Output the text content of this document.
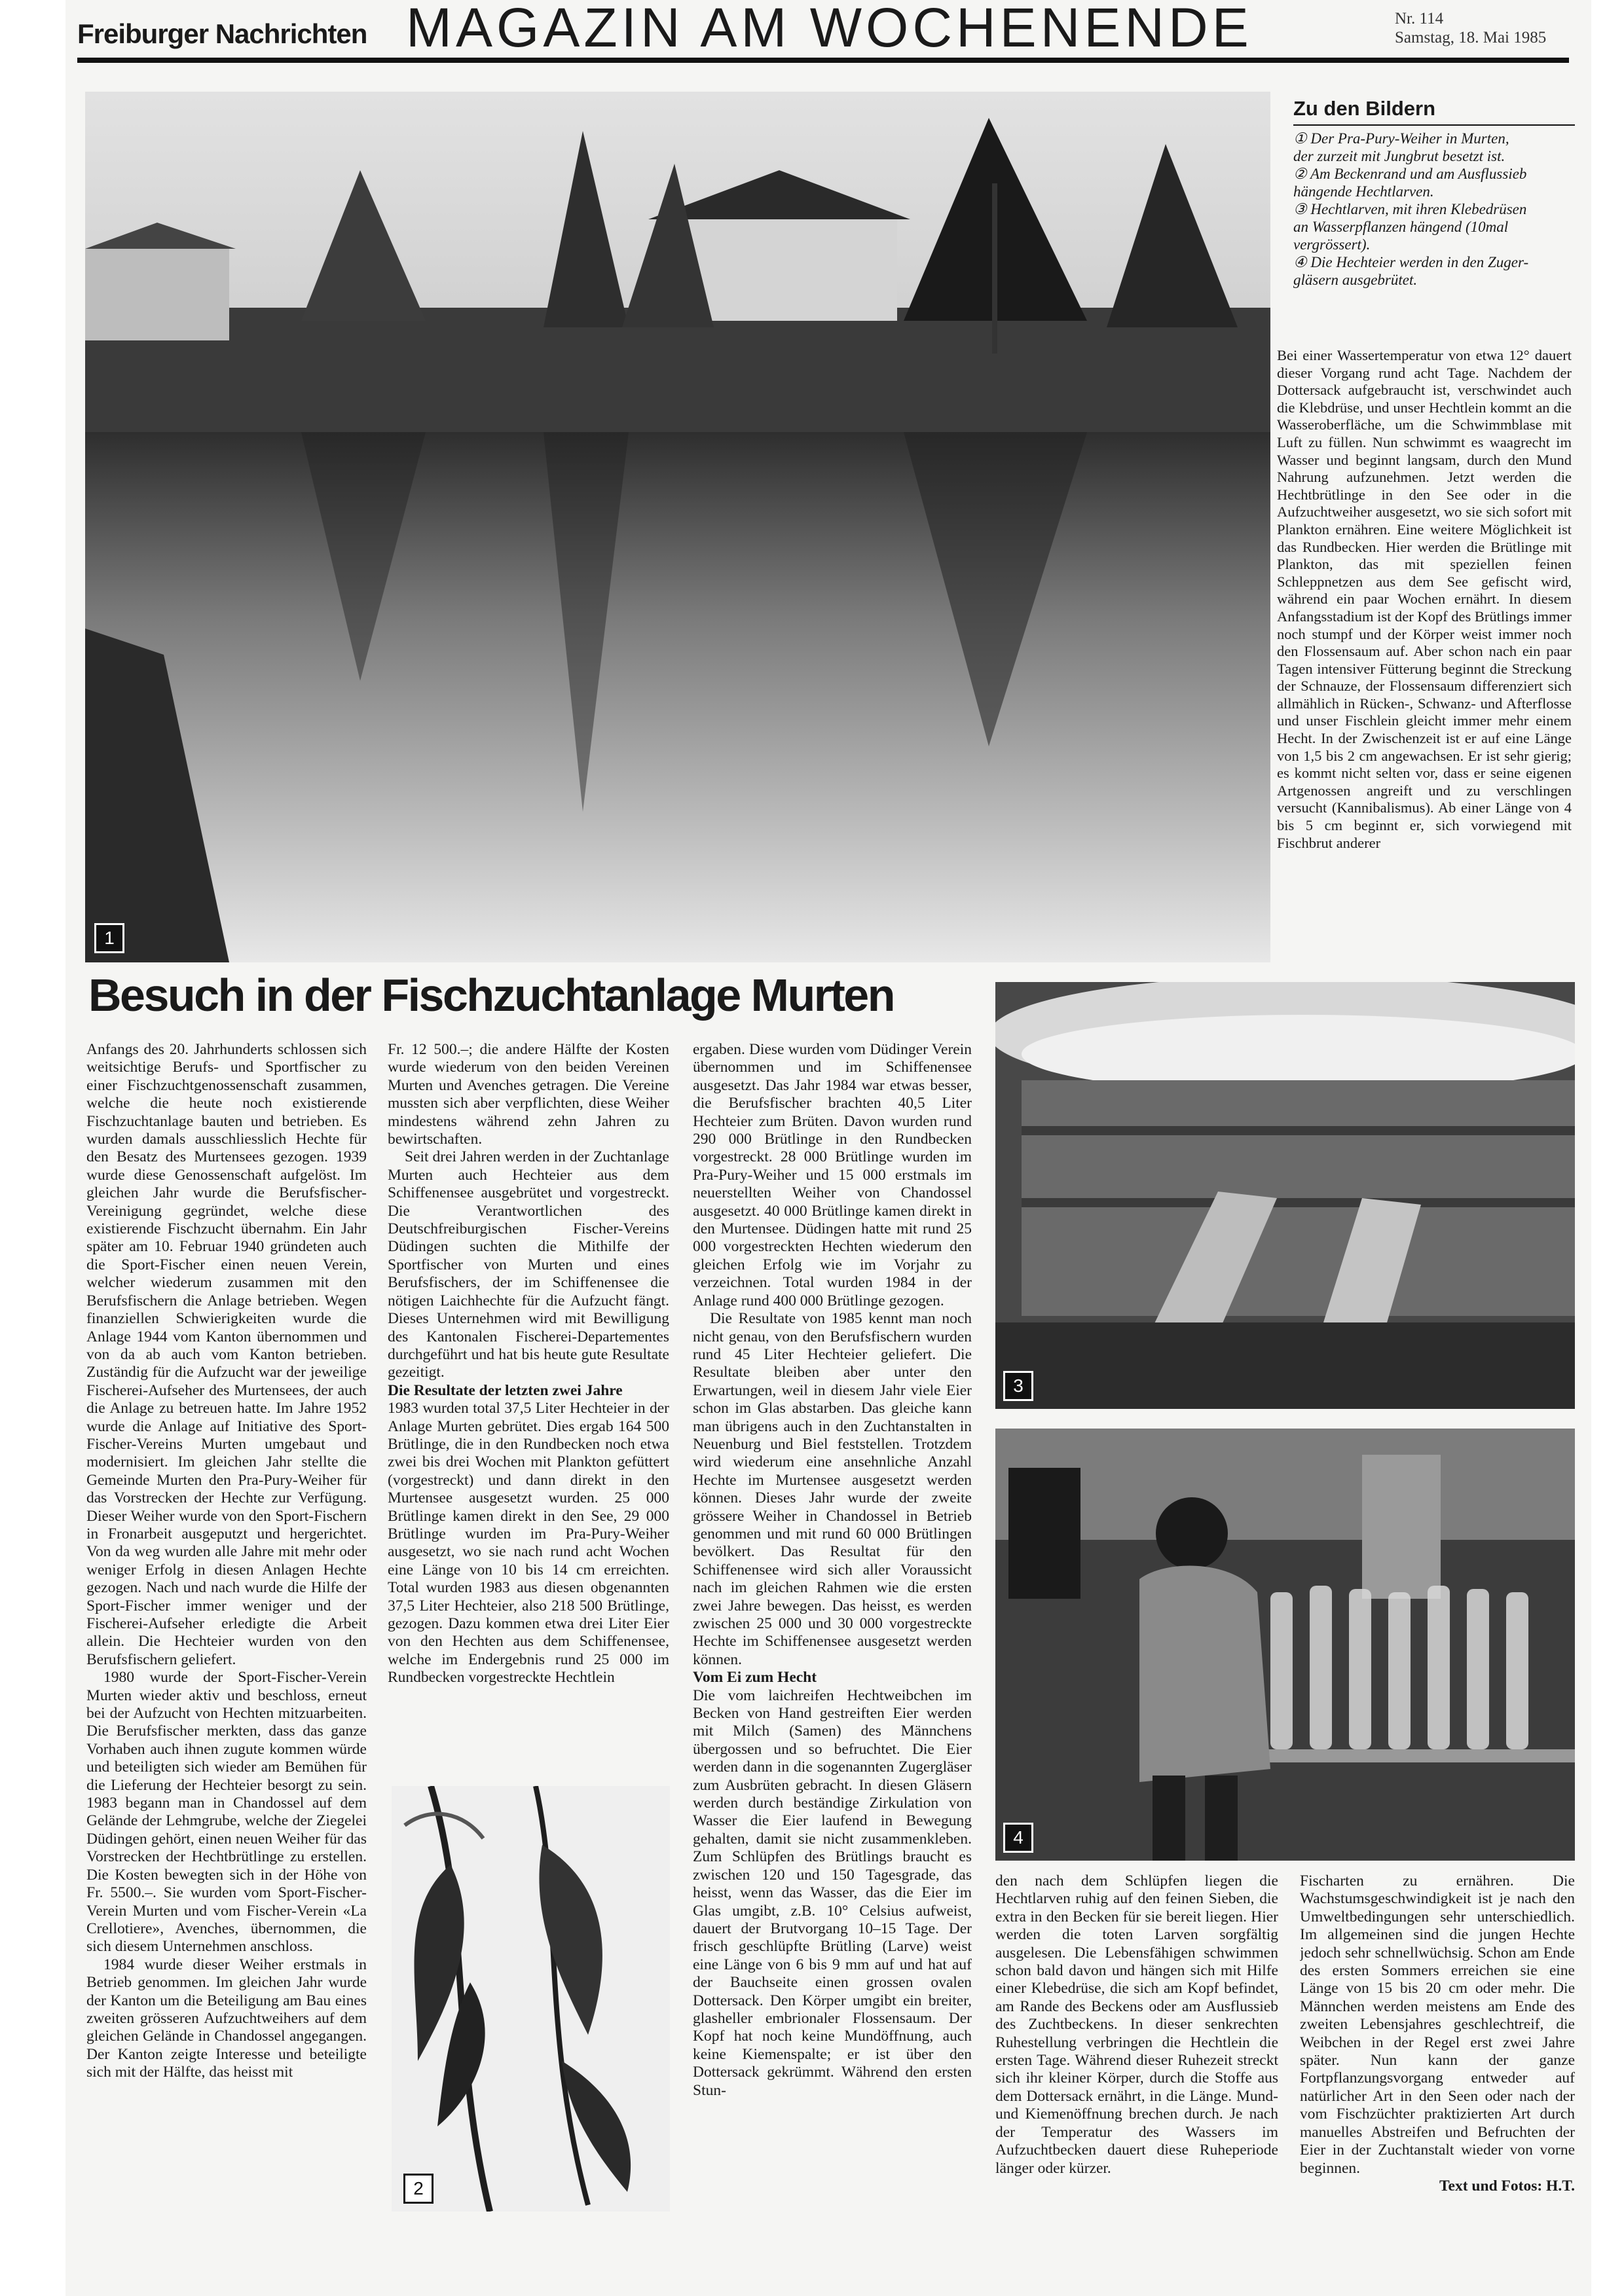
Freiburger Nachrichten MAGAZIN AM WOCHENENDE	Nr. 114
Samstag, 18. Mai 1985
1
Zu den Bildern
① Der Pra-Pury-Weiher in Murten,
der zurzeit mit Jungbrut besetzt ist.
② Am Beckenrand und am Ausflussieb
hängende Hechtlarven.
③ Hechtlarven, mit ihren Klebedrüsen
an Wasserpflanzen hängend (10mal
vergrössert).
④ Die Hechteier werden in den Zuger-
gläsern ausgebrütet.

Bei einer Wassertemperatur von etwa 12° dauert dieser Vorgang rund acht Tage. Nachdem der Dottersack aufgebraucht ist, verschwindet auch die Klebdrüse, und unser Hechtlein kommt an die Wasseroberfläche, um die Schwimmblase mit Luft zu füllen. Nun schwimmt es waagrecht im Wasser und beginnt langsam, durch den Mund Nahrung aufzunehmen. Jetzt werden die Hechtbrütlinge in den See oder in die Aufzuchtweiher ausgesetzt, wo sie sich sofort mit Plankton ernähren. Eine weitere Möglichkeit ist das Rundbecken. Hier werden die Brütlinge mit Plankton, das mit speziellen feinen Schleppnetzen aus dem See gefischt wird, während ein paar Wochen ernährt. In diesem Anfangsstadium ist der Kopf des Brütlings immer noch stumpf und der Körper weist immer noch den Flossensaum auf. Aber schon nach ein paar Tagen intensiver Fütterung beginnt die Streckung der Schnauze, der Flossensaum differenziert sich allmählich in Rücken-, Schwanz- und Afterflosse und unser Fischlein gleicht immer mehr einem Hecht. In der Zwischenzeit ist er auf eine Länge von 1,5 bis 2 cm angewachsen. Er ist sehr gierig; es kommt nicht selten vor, dass er seine eigenen Artgenossen angreift und zu verschlingen versucht (Kannibalismus). Ab einer Länge von 4 bis 5 cm beginnt er, sich vorwiegend mit Fischbrut anderer

Besuch in der Fischzuchtanlage Murten

Anfangs des 20. Jahrhunderts schlossen sich weitsichtige Berufs- und Sportfischer zu einer Fischzuchtgenossenschaft zusammen, welche die heute noch existierende Fischzuchtanlage bauten und betrieben. Es wurden damals ausschliesslich Hechte für den Besatz des Murtensees gezogen. 1939 wurde diese Genossenschaft aufgelöst. Im gleichen Jahr wurde die Berufsfischer-Vereinigung gegründet, welche diese existierende Fischzucht übernahm. Ein Jahr später am 10. Februar 1940 gründeten auch die Sport-Fischer einen neuen Verein, welcher wiederum zusammen mit den Berufsfischern die Anlage betrieben. Wegen finanziellen Schwierigkeiten wurde die Anlage 1944 vom Kanton übernommen und von da ab auch vom Kanton betrieben. Zuständig für die Aufzucht war der jeweilige Fischerei-Aufseher des Murtensees, der auch die Anlage zu betreuen hatte. Im Jahre 1952 wurde die Anlage auf Initiative des Sport-Fischer-Vereins Murten umgebaut und modernisiert. Im gleichen Jahr stellte die Gemeinde Murten den Pra-Pury-Weiher für das Vorstrecken der Hechte zur Verfügung. Dieser Weiher wurde von den Sport-Fischern in Fronarbeit ausgeputzt und hergerichtet. Von da weg wurden alle Jahre mit mehr oder weniger Erfolg in diesen Anlagen Hechte gezogen. Nach und nach wurde die Hilfe der Sport-Fischer immer weniger und der Fischerei-Aufseher erledigte die Arbeit allein. Die Hechteier wurden von den Berufsfischern geliefert.

1980 wurde der Sport-Fischer-Verein Murten wieder aktiv und beschloss, erneut bei der Aufzucht von Hechten mitzuarbeiten. Die Berufsfischer merkten, dass das ganze Vorhaben auch ihnen zugute kommen würde und beteiligten sich wieder am Bemühen für die Lieferung der Hechteier besorgt zu sein. 1983 begann man in Chandossel auf dem Gelände der Lehmgrube, welche der Ziegelei Düdingen gehört, einen neuen Weiher für das Vorstrecken der Hechtbrütlinge zu erstellen. Die Kosten bewegten sich in der Höhe von Fr. 5500.–. Sie wurden vom Sport-Fischer-Verein Murten und vom Fischer-Verein «La Crellotiere», Avenches, übernommen, die sich diesem Unternehmen anschloss.

1984 wurde dieser Weiher erstmals in Betrieb genommen. Im gleichen Jahr wurde der Kanton um die Beteiligung am Bau eines zweiten grösseren Aufzuchtweihers auf dem gleichen Gelände in Chandossel angegangen. Der Kanton zeigte Interesse und beteiligte sich mit der Hälfte, das heisst mit

Fr. 12 500.–; die andere Hälfte der Kosten wurde wiederum von den beiden Vereinen Murten und Avenches getragen. Die Vereine mussten sich aber verpflichten, diese Weiher mindestens während zehn Jahren zu bewirtschaften.

Seit drei Jahren werden in der Zuchtanlage Murten auch Hechteier aus dem Schiffenensee ausgebrütet und vorgestreckt. Die Verantwortlichen des Deutschfreiburgischen Fischer-Vereins Düdingen suchten die Mithilfe der Sportfischer von Murten und eines Berufsfischers, der im Schiffenensee die nötigen Laichhechte für die Aufzucht fängt. Dieses Unternehmen wird mit Bewilligung des Kantonalen Fischerei-Departementes durchgeführt und hat bis heute gute Resultate gezeitigt.

Die Resultate der letzten zwei Jahre

1983 wurden total 37,5 Liter Hechteier in der Anlage Murten gebrütet. Dies ergab 164 500 Brütlinge, die in den Rundbecken noch etwa zwei bis drei Wochen mit Plankton gefüttert (vorgestreckt) und dann direkt in den Murtensee ausgesetzt wurden. 25 000 Brütlinge kamen direkt in den See, 29 000 Brütlinge wurden im Pra-Pury-Weiher ausgesetzt, wo sie nach rund acht Wochen eine Länge von 10 bis 14 cm erreichten. Total wurden 1983 aus diesen obgenannten 37,5 Liter Hechteier, also 218 500 Brütlinge, gezogen. Dazu kommen etwa drei Liter Eier von den Hechten aus dem Schiffenensee, welche im Endergebnis rund 25 000 im Rundbecken vorgestreckte Hechtlein

2

ergaben. Diese wurden vom Düdinger Verein übernommen und im Schiffenensee ausgesetzt. Das Jahr 1984 war etwas besser, die Berufsfischer brachten 40,5 Liter Hechteier zum Brüten. Davon wurden rund 290 000 Brütlinge in den Rundbecken vorgestreckt. 28 000 Brütlinge wurden im Pra-Pury-Weiher und 15 000 erstmals im neuerstellten Weiher von Chandossel ausgesetzt. 40 000 Brütlinge kamen direkt in den Murtensee. Düdingen hatte mit rund 25 000 vorgestreckten Hechten wiederum den gleichen Erfolg wie im Vorjahr zu verzeichnen. Total wurden 1984 in der Anlage rund 400 000 Brütlinge gezogen.

Die Resultate von 1985 kennt man noch nicht genau, von den Berufsfischern wurden rund 45 Liter Hechteier geliefert. Die Resultate bleiben aber unter den Erwartungen, weil in diesem Jahr viele Eier schon im Glas abstarben. Das gleiche kann man übrigens auch in den Zuchtanstalten in Neuenburg und Biel feststellen. Trotzdem wird wiederum eine ansehnliche Anzahl Hechte im Murtensee ausgesetzt werden können. Dieses Jahr wurde der zweite grössere Weiher in Chandossel in Betrieb genommen und mit rund 60 000 Brütlingen bevölkert. Das Resultat für den Schiffenensee wird sich aller Voraussicht nach im gleichen Rahmen wie die ersten zwei Jahre bewegen. Das heisst, es werden zwischen 25 000 und 30 000 vorgestreckte Hechte im Schiffenensee ausgesetzt werden können.

Vom Ei zum Hecht

Die vom laichreifen Hechtweibchen im Becken von Hand gestreiften Eier werden mit Milch (Samen) des Männchens übergossen und so befruchtet. Die Eier werden dann in die sogenannten Zugergläser zum Ausbrüten gebracht. In diesen Gläsern werden durch beständige Zirkulation von Wasser die Eier laufend in Bewegung gehalten, damit sie nicht zusammenkleben. Zum Schlüpfen des Brütlings braucht es zwischen 120 und 150 Tagesgrade, das heisst, wenn das Wasser, das die Eier im Glas umgibt, z.B. 10° Celsius aufweist, dauert der Brutvorgang 10–15 Tage. Der frisch geschlüpfte Brütling (Larve) weist eine Länge von 6 bis 9 mm auf und hat auf der Bauchseite einen grossen ovalen Dottersack. Den Körper umgibt ein breiter, glasheller embrionaler Flossensaum. Der Kopf hat noch keine Mundöffnung, auch keine Kiemenspalte; er ist über den Dottersack gekrümmt. Während den ersten Stun-

3
4

den nach dem Schlüpfen liegen die Hechtlarven ruhig auf den feinen Sieben, die extra in den Becken für sie bereit liegen. Hier werden die toten Larven sorgfältig ausgelesen. Die Lebensfähigen schwimmen schon bald davon und hängen sich mit Hilfe einer Klebedrüse, die sich am Kopf befindet, am Rande des Beckens oder am Ausflussieb des Zuchtbeckens. In dieser senkrechten Ruhestellung verbringen die Hechtlein die ersten Tage. Während dieser Ruhezeit streckt sich ihr kleiner Körper, durch die Stoffe aus dem Dottersack ernährt, in die Länge. Mund- und Kiemenöffnung brechen durch. Je nach der Temperatur des Wassers im Aufzuchtbecken dauert diese Ruheperiode länger oder kürzer.

Fischarten zu ernähren. Die Wachstumsgeschwindigkeit ist je nach den Umweltbedingungen sehr unterschiedlich. Im allgemeinen sind die jungen Hechte jedoch sehr schnellwüchsig. Schon am Ende des ersten Sommers erreichen sie eine Länge von 15 bis 20 cm oder mehr. Die Männchen werden meistens am Ende des zweiten Lebensjahres geschlechtreif, die Weibchen in der Regel erst zwei Jahre später. Nun kann der ganze Fortpflanzungsvorgang entweder auf natürlicher Art in den Seen oder nach der vom Fischzüchter praktizierten Art durch manuelles Abstreifen und Befruchten der Eier in der Zuchtanstalt wieder von vorne beginnen.

Text und Fotos: H.T.
